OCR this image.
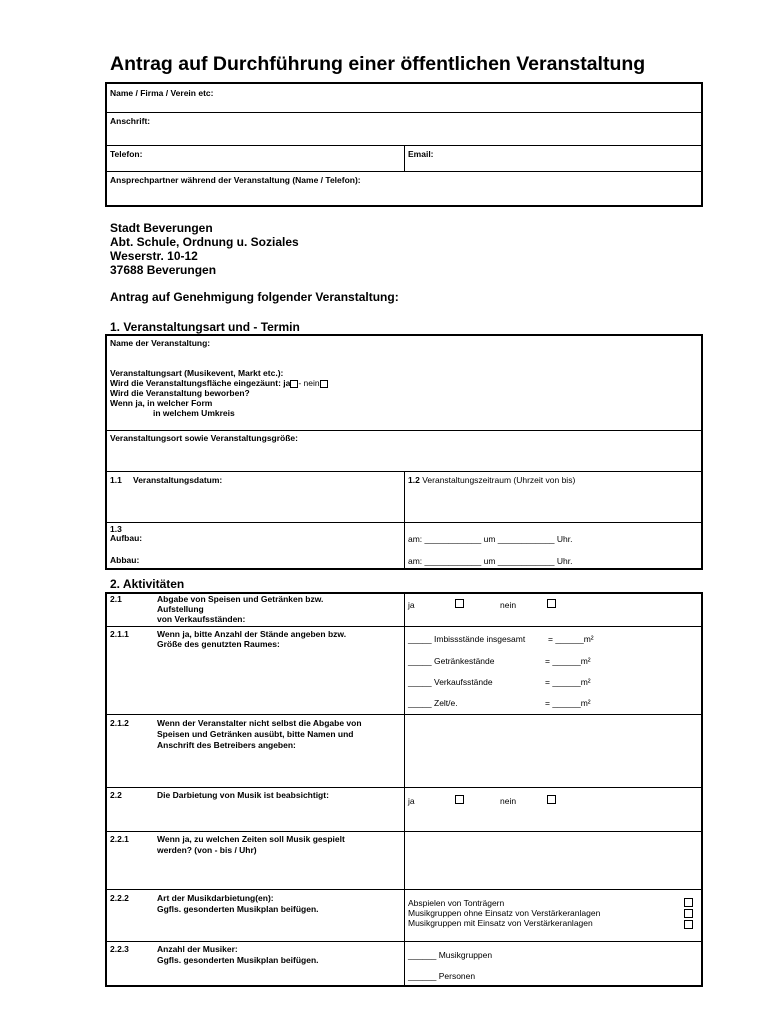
Antrag auf Durchführung einer öffentlichen Veranstaltung
Name / Firma / Verein etc:
Anschrift:
Telefon:	Email:
Ansprechpartner während der Veranstaltung (Name / Telefon):
Stadt Beverungen
Abt. Schule, Ordnung u. Soziales
Weserstr. 10-12
37688 Beverungen
Antrag auf Genehmigung folgender Veranstaltung:
1. Veranstaltungsart und - Termin
Name der Veranstaltung:
Veranstaltungsart (Musikevent, Markt etc.):
Wird die Veranstaltungsfläche eingezäunt: ja - nein
Wird die Veranstaltung beworben?
Wenn ja, in welcher Form
in welchem Umkreis
Veranstaltungsort sowie Veranstaltungsgröße:
1.1 Veranstaltungsdatum:	1.2 Veranstaltungszeitraum (Uhrzeit von bis)
1.3
Aufbau:	am: ____________ um ____________ Uhr.
Abbau:	am: ____________ um ____________ Uhr.
2. Aktivitäten
2.1	Abgabe von Speisen und Getränken bzw.
Aufstellung
von Verkaufsständen:
ja	nein
2.1.1	Wenn ja, bitte Anzahl der Stände angeben bzw.
Größe des genutzten Raumes:	_____ Imbissstände insgesamt	= ______m²
_____ Getränkestände	= ______m²
_____ Verkaufsstände	= ______m²
_____ Zelt/e.	= ______m²
2.1.2	Wenn der Veranstalter nicht selbst die Abgabe von
Speisen und Getränken ausübt, bitte Namen und
Anschrift des Betreibers angeben:
2.2	Die Darbietung von Musik ist beabsichtigt:
ja	nein
2.2.1	Wenn ja, zu welchen Zeiten soll Musik gespielt
werden? (von - bis / Uhr)
2.2.2	Art der Musikdarbietung(en):
Ggfls. gesonderten Musikplan beifügen.
Abspielen von Tonträgern
Musikgruppen ohne Einsatz von Verstärkeranlagen
Musikgruppen mit Einsatz von Verstärkeranlagen
2.2.3	Anzahl der Musiker:
Ggfls. gesonderten Musikplan beifügen.	______ Musikgruppen
______ Personen
